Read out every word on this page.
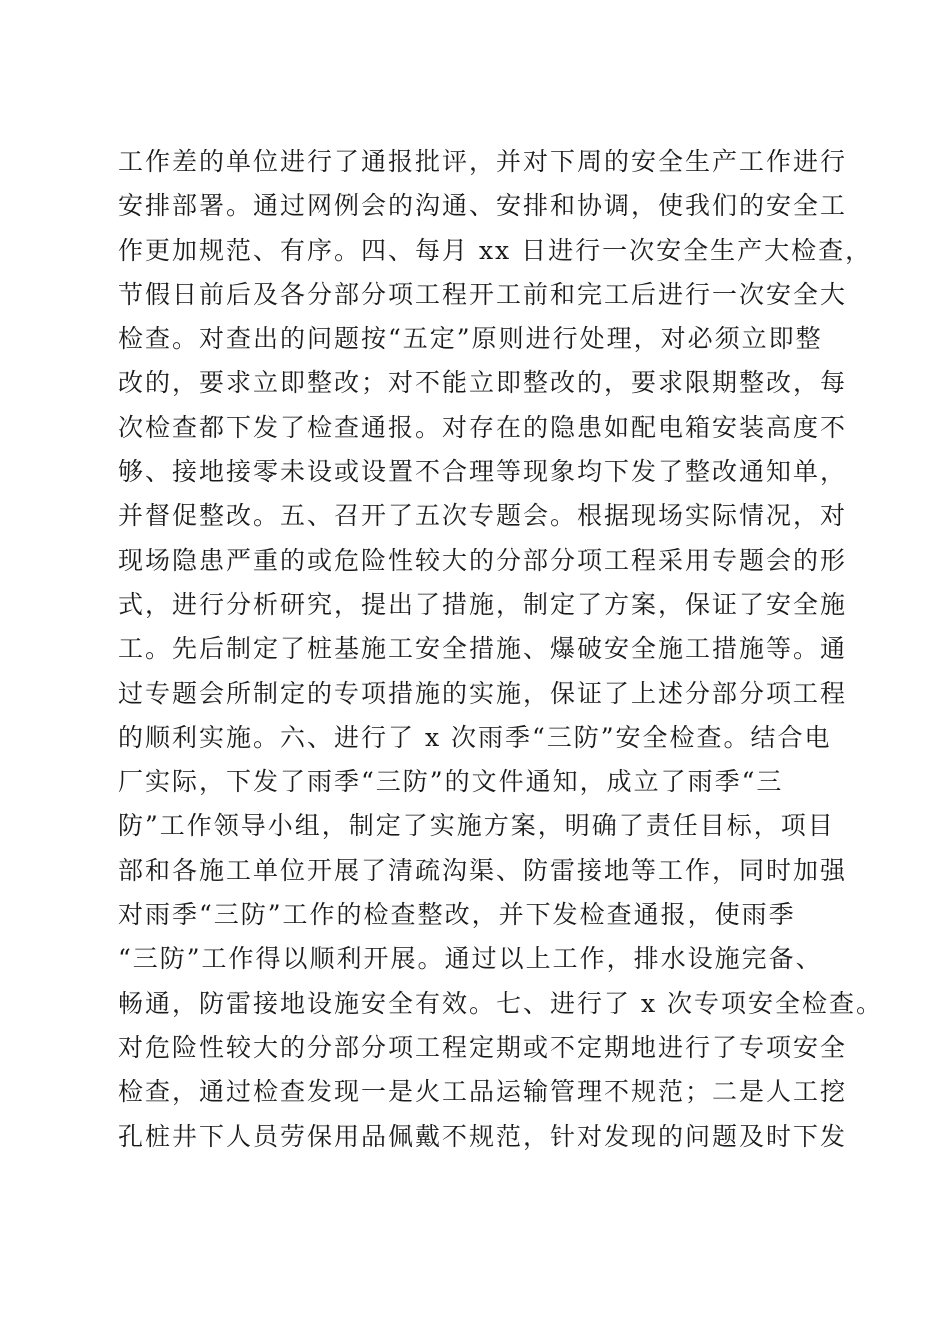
工作差的单位进行了通报批评，并对下周的安全生产工作进行
安排部署。通过网例会的沟通、安排和协调，使我们的安全工
作更加规范、有序。四、每月 xx 日进行一次安全生产大检查，
节假日前后及各分部分项工程开工前和完工后进行一次安全大
检查。对查出的问题按“五定”原则进行处理，对必须立即整
改的，要求立即整改；对不能立即整改的，要求限期整改，每
次检查都下发了检查通报。对存在的隐患如配电箱安装高度不
够、接地接零未设或设置不合理等现象均下发了整改通知单，
并督促整改。五、召开了五次专题会。根据现场实际情况，对
现场隐患严重的或危险性较大的分部分项工程采用专题会的形
式，进行分析研究，提出了措施，制定了方案，保证了安全施
工。先后制定了桩基施工安全措施、爆破安全施工措施等。通
过专题会所制定的专项措施的实施，保证了上述分部分项工程
的顺利实施。六、进行了 x 次雨季“三防”安全检查。结合电
厂实际，下发了雨季“三防”的文件通知，成立了雨季“三
防”工作领导小组，制定了实施方案，明确了责任目标，项目
部和各施工单位开展了清疏沟渠、防雷接地等工作，同时加强
对雨季“三防”工作的检查整改，并下发检查通报，使雨季
“三防”工作得以顺利开展。通过以上工作，排水设施完备、
畅通，防雷接地设施安全有效。七、进行了 x 次专项安全检查。
对危险性较大的分部分项工程定期或不定期地进行了专项安全
检查，通过检查发现一是火工品运输管理不规范；二是人工挖
孔桩井下人员劳保用品佩戴不规范，针对发现的问题及时下发
